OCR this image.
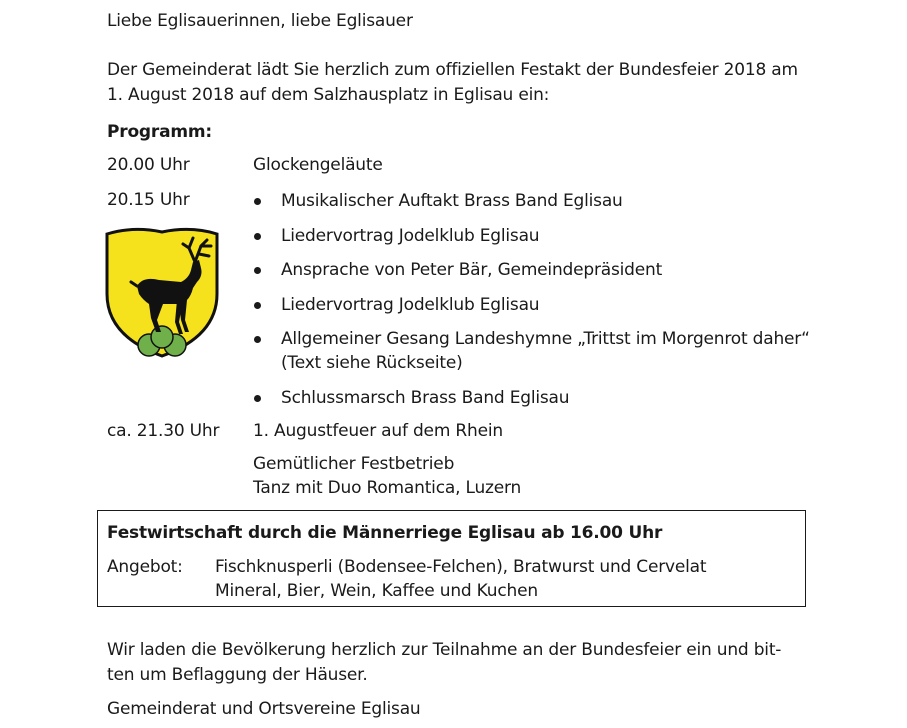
Liebe Eglisauerinnen, liebe Eglisauer
Der Gemeinderat lädt Sie herzlich zum offiziellen Festakt der Bundesfeier 2018 am
1. August 2018 auf dem Salzhausplatz in Eglisau ein:
Programm:
20.00 Uhr	Glockengeläute
20.15 Uhr	Musikalischer Auftakt Brass Band Eglisau
Liedervortrag Jodelklub Eglisau
Ansprache von Peter Bär, Gemeindepräsident
Liedervortrag Jodelklub Eglisau
Allgemeiner Gesang Landeshymne „Trittst im Morgenrot daher“
(Text siehe Rückseite)
Schlussmarsch Brass Band Eglisau
ca. 21.30 Uhr 1. Augustfeuer auf dem Rhein
Gemütlicher Festbetrieb
Tanz mit Duo Romantica, Luzern
Festwirtschaft durch die Männerriege Eglisau ab 16.00 Uhr
Angebot: Fischknusperli (Bodensee-Felchen), Bratwurst und Cervelat
Mineral, Bier, Wein, Kaffee und Kuchen
Wir laden die Bevölkerung herzlich zur Teilnahme an der Bundesfeier ein und bit-
ten um Beflaggung der Häuser.
Gemeinderat und Ortsvereine Eglisau
